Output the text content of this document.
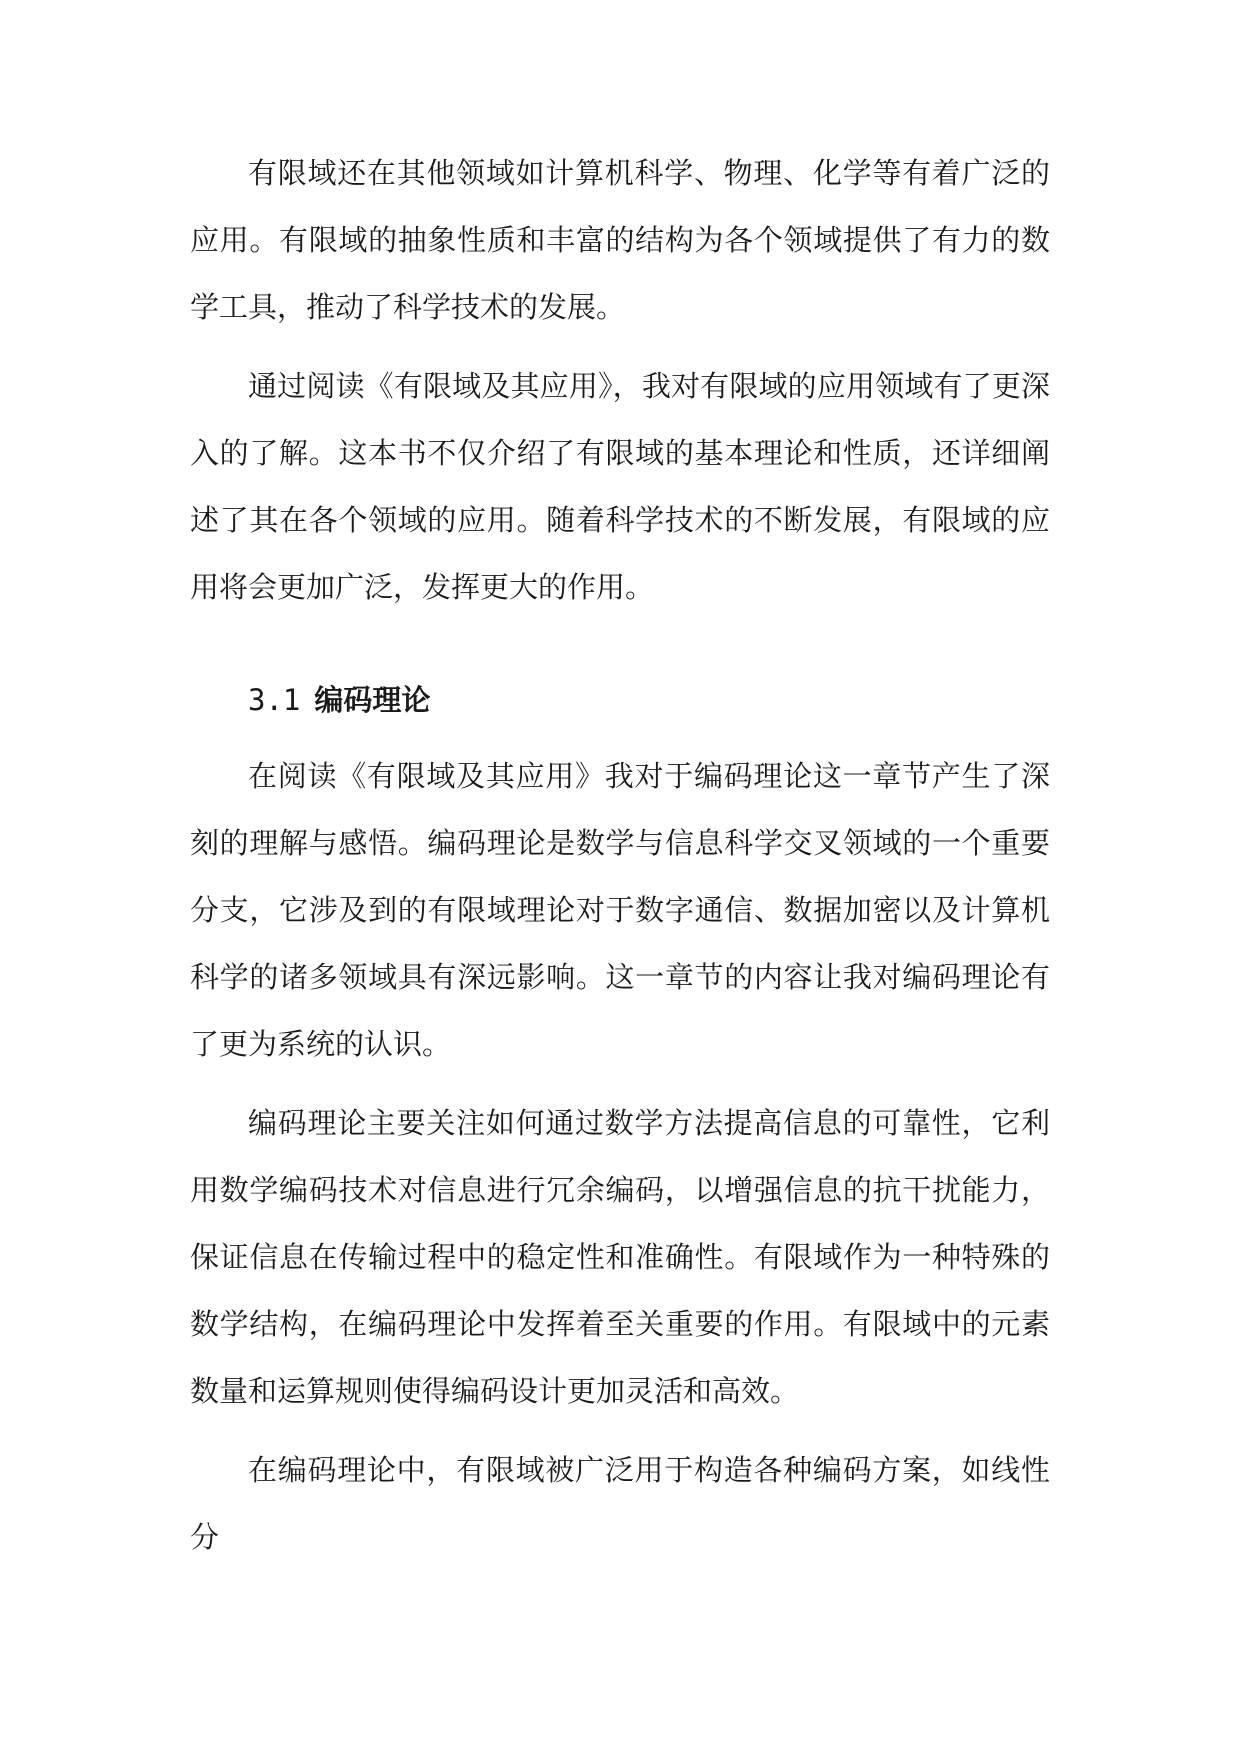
有限域还在其他领域如计算机科学、物理、化学等有着广泛的应用。有限域的抽象性质和丰富的结构为各个领域提供了有力的数学工具，推动了科学技术的发展。

通过阅读《有限域及其应用》，我对有限域的应用领域有了更深入的了解。这本书不仅介绍了有限域的基本理论和性质，还详细阐述了其在各个领域的应用。随着科学技术的不断发展，有限域的应用将会更加广泛，发挥更大的作用。

3.1 编码理论

在阅读《有限域及其应用》我对于编码理论这一章节产生了深刻的理解与感悟。编码理论是数学与信息科学交叉领域的一个重要分支，它涉及到的有限域理论对于数字通信、数据加密以及计算机科学的诸多领域具有深远影响。这一章节的内容让我对编码理论有了更为系统的认识。

编码理论主要关注如何通过数学方法提高信息的可靠性，它利用数学编码技术对信息进行冗余编码，以增强信息的抗干扰能力，保证信息在传输过程中的稳定性和准确性。有限域作为一种特殊的数学结构，在编码理论中发挥着至关重要的作用。有限域中的元素数量和运算规则使得编码设计更加灵活和高效。

在编码理论中，有限域被广泛用于构造各种编码方案，如线性分
